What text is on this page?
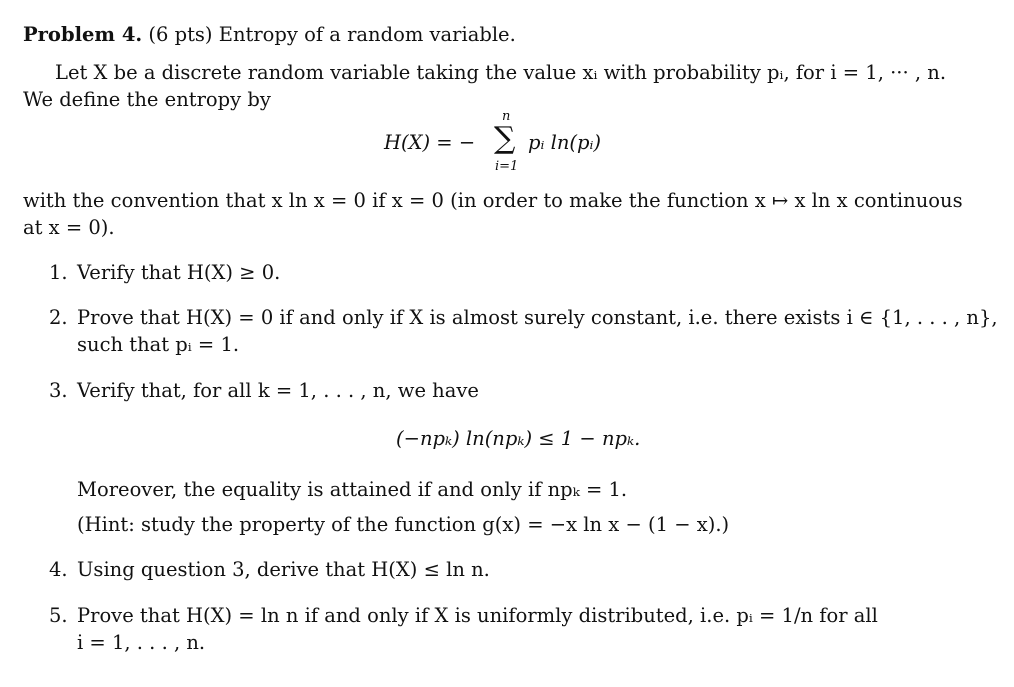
Problem 4. (6 pts) Entropy of a random variable.
Let X be a discrete random variable taking the value xᵢ with probability pᵢ, for i = 1, ··· , n.
We define the entropy by
H(X) = −
n
∑
i=1
pᵢ ln(pᵢ)
with the convention that x ln x = 0 if x = 0 (in order to make the function x ↦ x ln x continuous
at x = 0).
1. Verify that H(X) ≥ 0.
2. Prove that H(X) = 0 if and only if X is almost surely constant, i.e. there exists i ∈ {1, . . . , n},
such that pᵢ = 1.
3. Verify that, for all k = 1, . . . , n, we have
(−npₖ) ln(npₖ) ≤ 1 − npₖ.
Moreover, the equality is attained if and only if npₖ = 1.
(Hint: study the property of the function g(x) = −x ln x − (1 − x).)
4. Using question 3, derive that H(X) ≤ ln n.
5. Prove that H(X) = ln n if and only if X is uniformly distributed, i.e. pᵢ = 1/n for all
i = 1, . . . , n.
